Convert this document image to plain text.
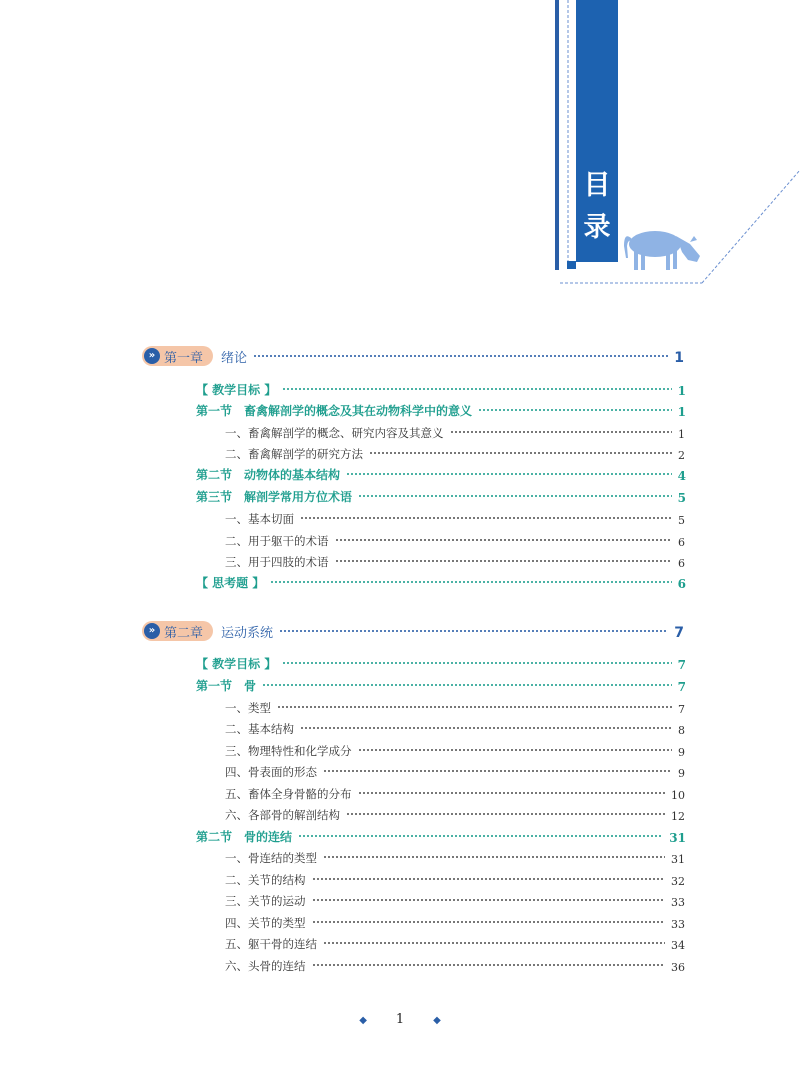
目
录
» 第一章 绪论	1
【 教学目标 】	1
第一节　畜禽解剖学的概念及其在动物科学中的意义	1
一、畜禽解剖学的概念、研究内容及其意义	1
二、畜禽解剖学的研究方法	2
第二节　动物体的基本结构	4
第三节　解剖学常用方位术语	5
一、基本切面	5
二、用于躯干的术语	6
三、用于四肢的术语	6
【 思考题 】	6
» 第二章 运动系统	7
【 教学目标 】	7
第一节　骨	7
一、类型	7
二、基本结构	8
三、物理特性和化学成分	9
四、骨表面的形态	9
五、畜体全身骨骼的分布	10
六、各部骨的解剖结构	12
第二节　骨的连结	31
一、骨连结的类型	31
二、关节的结构	32
三、关节的运动	33
四、关节的类型	33
五、躯干骨的连结	34
六、头骨的连结	36
◆ 1	◆
